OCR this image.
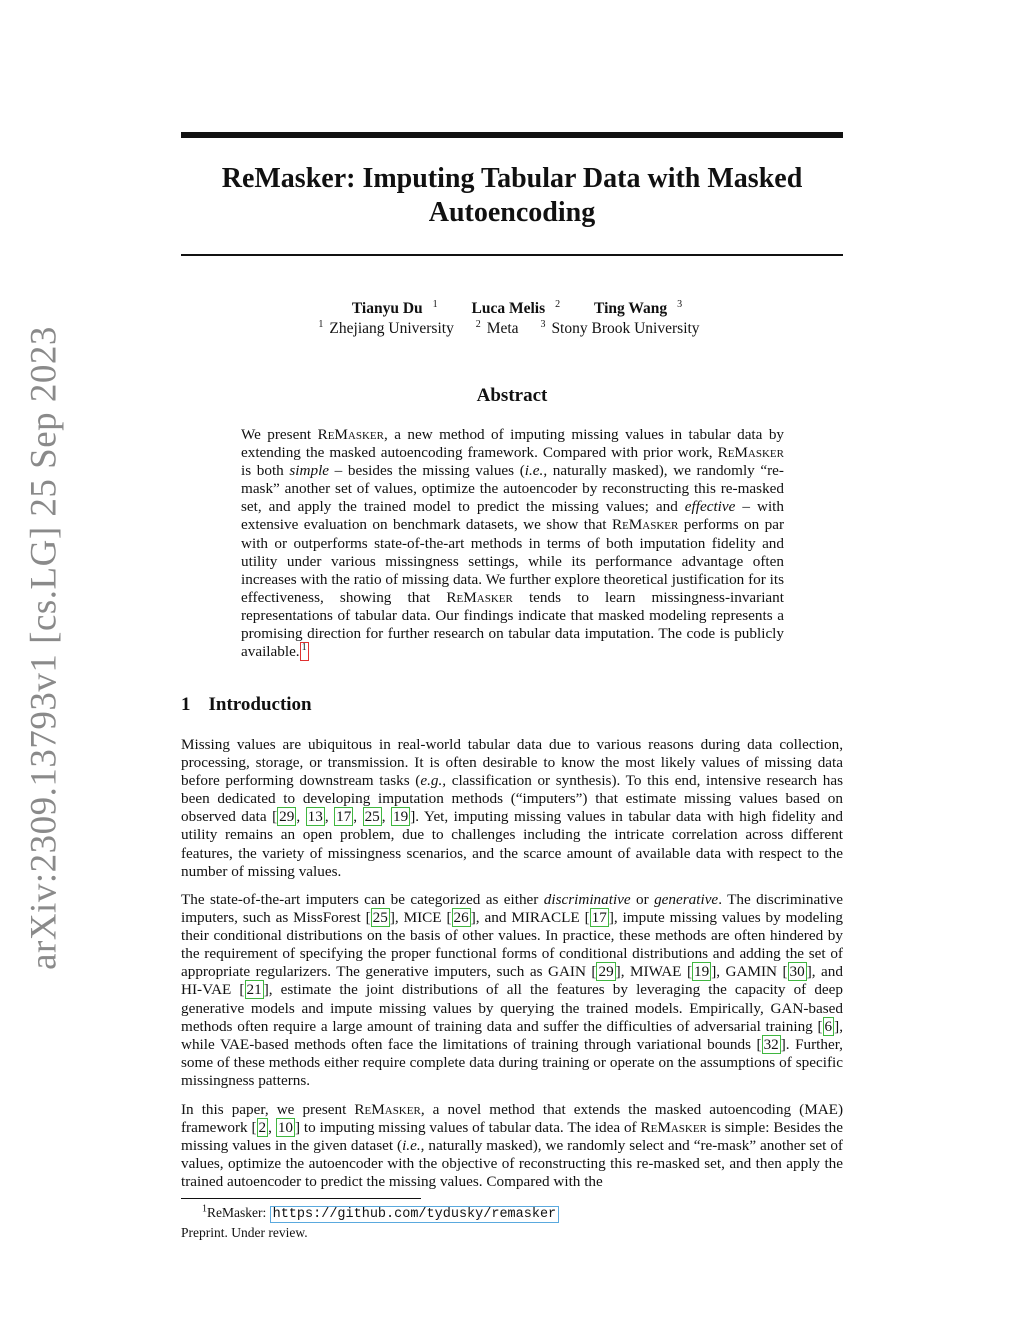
arXiv:2309.13793v1 [cs.LG] 25 Sep 2023
ReMasker: Imputing Tabular Data with Masked
Autoencoding
Tianyu Du $^1$ Luca Melis $^2$ Ting Wang $^3$
$^1$ Zhejiang University $^2$ Meta $^3$ Stony Brook University
Abstract

We present ReMasker, a new method of imputing missing values in tabular data by extending the masked autoencoding framework. Compared with prior work, ReMasker is both simple – besides the missing values (i.e., naturally masked), we randomly “re-mask” another set of values, optimize the autoencoder by reconstructing this re-masked set, and apply the trained model to predict the missing values; and effective – with extensive evaluation on benchmark datasets, we show that ReMasker performs on par with or outperforms state-of-the-art methods in terms of both imputation fidelity and utility under various missingness settings, while its performance advantage often increases with the ratio of missing data. We further explore theoretical justification for its effectiveness, showing that ReMasker tends to learn missingness-invariant representations of tabular data. Our findings indicate that masked modeling represents a promising direction for further research on tabular data imputation. The code is publicly available. $^1$

1 Introduction

Missing values are ubiquitous in real-world tabular data due to various reasons during data collection, processing, storage, or transmission. It is often desirable to know the most likely values of missing data before performing downstream tasks (e.g., classification or synthesis). To this end, intensive research has been dedicated to developing imputation methods (“imputers”) that estimate missing values based on observed data [ 29 , 13 , 17 , 25 , 19 ]. Yet, imputing missing values in tabular data with high fidelity and utility remains an open problem, due to challenges including the intricate correlation across different features, the variety of missingness scenarios, and the scarce amount of available data with respect to the number of missing values.

The state-of-the-art imputers can be categorized as either discriminative or generative. The discriminative imputers, such as MissForest [ 25 ], MICE [ 26 ], and MIRACLE [ 17 ], impute missing values by modeling their conditional distributions on the basis of other values. In practice, these methods are often hindered by the requirement of specifying the proper functional forms of conditional distributions and adding the set of appropriate regularizers. The generative imputers, such as GAIN [ 29 ], MIWAE [ 19 ], GAMIN [ 30 ], and HI-VAE [ 21 ], estimate the joint distributions of all the features by leveraging the capacity of deep generative models and impute missing values by querying the trained models. Empirically, GAN-based methods often require a large amount of training data and suffer the difficulties of adversarial training [ 6 ], while VAE-based methods often face the limitations of training through variational bounds [ 32 ]. Further, some of these methods either require complete data during training or operate on the assumptions of specific missingness patterns.

In this paper, we present ReMasker, a novel method that extends the masked autoencoding (MAE) framework [ 2 , 10 ] to imputing missing values of tabular data. The idea of ReMasker is simple: Besides the missing values in the given dataset (i.e., naturally masked), we randomly select and “re-mask” another set of values, optimize the autoencoder with the objective of reconstructing this re-masked set, and then apply the trained autoencoder to predict the missing values. Compared with the

$^1$ReMasker: https://github.com/tydusky/remasker

Preprint. Under review.
